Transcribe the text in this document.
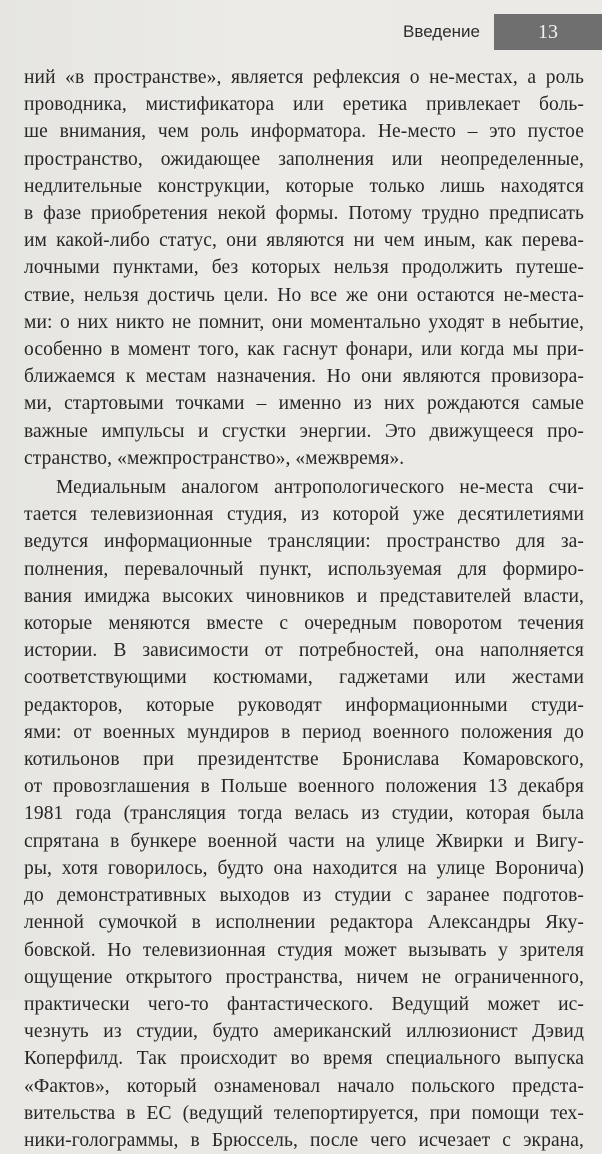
Введение	13
ний «в пространстве», является рефлексия о не-местах, а роль
проводника, мистификатора или еретика привлекает боль-
ше внимания, чем роль информатора. Не-место – это пустое
пространство, ожидающее заполнения или неопределенные,
недлительные конструкции, которые только лишь находятся
в фазе приобретения некой формы. Потому трудно предписать
им какой-либо статус, они являются ни чем иным, как перева-
лочными пунктами, без которых нельзя продолжить путеше-
ствие, нельзя достичь цели. Но все же они остаются не-места-
ми: о них никто не помнит, они моментально уходят в небытие,
особенно в момент того, как гаснут фонари, или когда мы при-
ближаемся к местам назначения. Но они являются провизора-
ми, стартовыми точками – именно из них рождаются самые
важные импульсы и сгустки энергии. Это движущееся про-
странство, «межпространство», «межвремя».
Медиальным аналогом антропологического не-места счи-
тается телевизионная студия, из которой уже десятилетиями
ведутся информационные трансляции: пространство для за-
полнения, перевалочный пункт, используемая для формиро-
вания имиджа высоких чиновников и представителей власти,
которые меняются вместе с очередным поворотом течения
истории. В зависимости от потребностей, она наполняется
соответствующими костюмами, гаджетами или жестами
редакторов, которые руководят информационными студи-
ями: от военных мундиров в период военного положения до
котильонов при президентстве Бронислава Комаровского,
от провозглашения в Польше военного положения 13 декабря
1981 года (трансляция тогда велась из студии, которая была
спрятана в бункере военной части на улице Жвирки и Вигу-
ры, хотя говорилось, будто она находится на улице Воронича)
до демонстративных выходов из студии с заранее подготов-
ленной сумочкой в исполнении редактора Александры Яку-
бовской. Но телевизионная студия может вызывать у зрителя
ощущение открытого пространства, ничем не ограниченного,
практически чего-то фантастического. Ведущий может ис-
чезнуть из студии, будто американский иллюзионист Дэвид
Коперфилд. Так происходит во время специального выпуска
«Фактов», который ознаменовал начало польского предста-
вительства в ЕС (ведущий телепортируется, при помощи тех-
ники-голограммы, в Брюссель, после чего исчезает с экрана,
